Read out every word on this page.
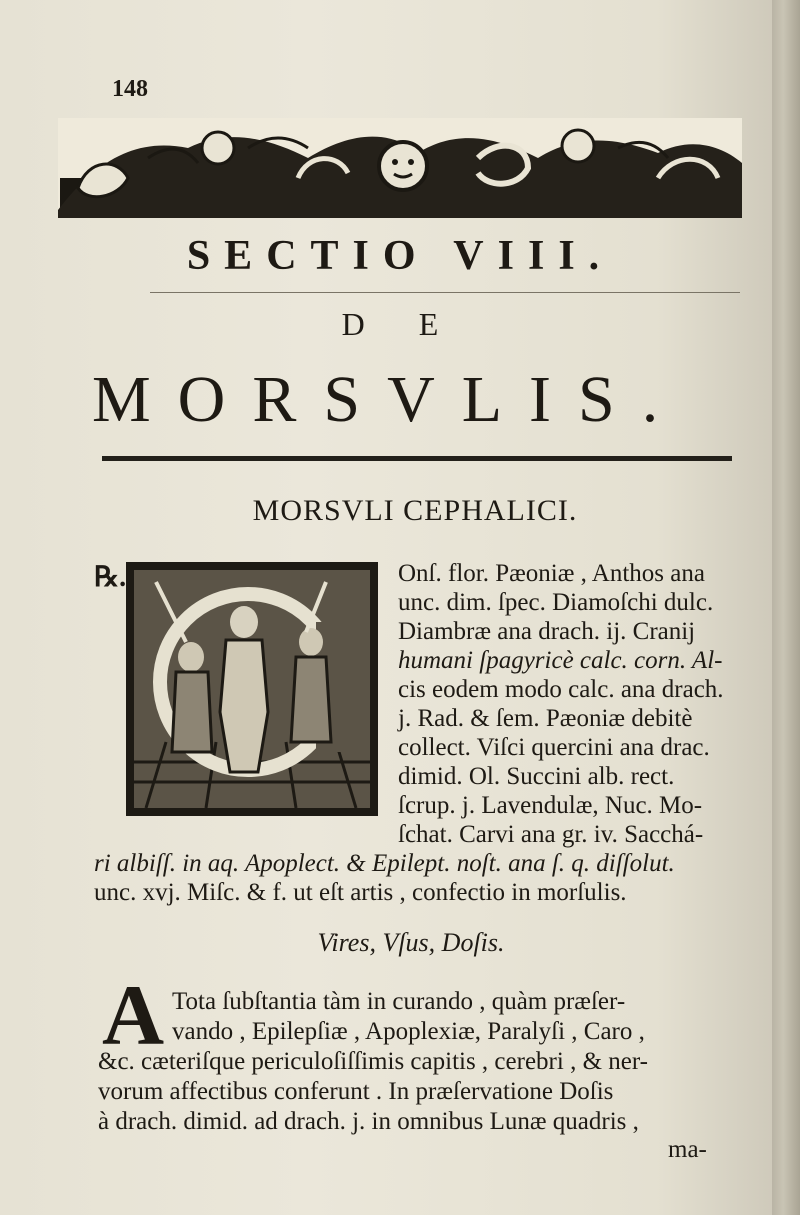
148
SECTIO VIII.
DE
MORSVLIS.
MORSVLI CEPHALICI.
℞.	Onſ. flor. Pæoniæ , Anthos ana
unc. dim. ſpec. Diamoſchi dulc.
Diambræ ana drach. ij. Cranij
humani ſpagyricè calc. corn. Al-
cis eodem modo calc. ana drach.
j. Rad. & ſem. Pæoniæ debitè
collect. Viſci quercini ana drac.
dimid. Ol. Succini alb. rect.
ſcrup. j. Lavendulæ, Nuc. Mo-
ſchat. Carvi ana gr. iv. Sacchá-
ri albiſſ. in aq. Apoplect. & Epilept. noſt. ana ſ. q. diſſolut.
unc. xvj. Miſc. & f. ut eſt artis , confectio in morſulis.
Vires, Vſus, Doſis.
A Tota ſubſtantia tàm in curando , quàm præſer-
vando , Epilepſiæ , Apoplexiæ, Paralyſi , Caro ,
&c. cæteriſque periculoſiſſimis capitis , cerebri , & ner-
vorum affectibus conferunt . In præſervatione Doſis
à drach. dimid. ad drach. j. in omnibus Lunæ quadris ,
ma-
